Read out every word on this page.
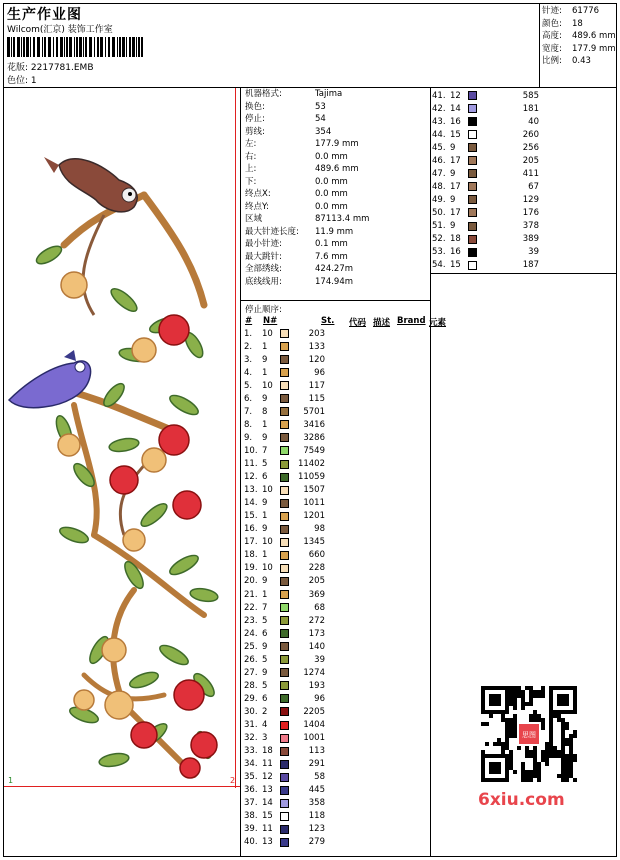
生产作业图
Wilcom(汇京) 装饰工作室
花版: 2217781.EMB
色位: 1
针迹:	61776
颜色:	18
高度:	489.6 mm
宽度:	177.9 mm
比例:	0.43
机器格式:	Tajima
换色:	53
停止:	54
剪线:	354
左:	177.9 mm
右:	0.0 mm
上:	489.6 mm
下:	0.0 mm
终点X:	0.0 mm
终点Y:	0.0 mm
区域	87113.4 mm
最大针迹长度:	11.9 mm
最小针迹:	0.1 mm
最大跳针:	7.6 mm
全部绣线:	424.27m
底线线用:	174.94m
停止顺序:
#	N#	St.	代码 描述 Brand 元素
1.	10	203
2.	1	133
3.	9	120
4.	1	96
5.	10	117
6.	9	115
7.	8	5701
8.	1	3416
9.	9	3286
10. 7	7549
11. 5	11402
12. 6	11059
13. 10	1507
14. 9	1011
15. 1	1201
16. 9	98
17. 10	1345
18. 1	660
19. 10	228
20. 9	205
21. 1	369
22. 7	68
23. 5	272
24. 6	173
25. 9	140
26. 5	39
27. 9	1274
28. 5	193
29. 6	96
30. 2	2205
31. 4	1404
32. 3	1001
33. 18	113
34. 11	291
35. 12	58
36. 13	445
37. 14	358
38. 15	118
39. 11	123
40. 13	279
41. 12	585
42. 14	181
43. 16	40
44. 15	260
45. 9	256
46. 17	205
47. 9	411
48. 17	67
49. 9	129
50. 17	176
51. 9	378
52. 18	389
53. 16	39
54. 15	187
1	2
思图
6xiu.com
